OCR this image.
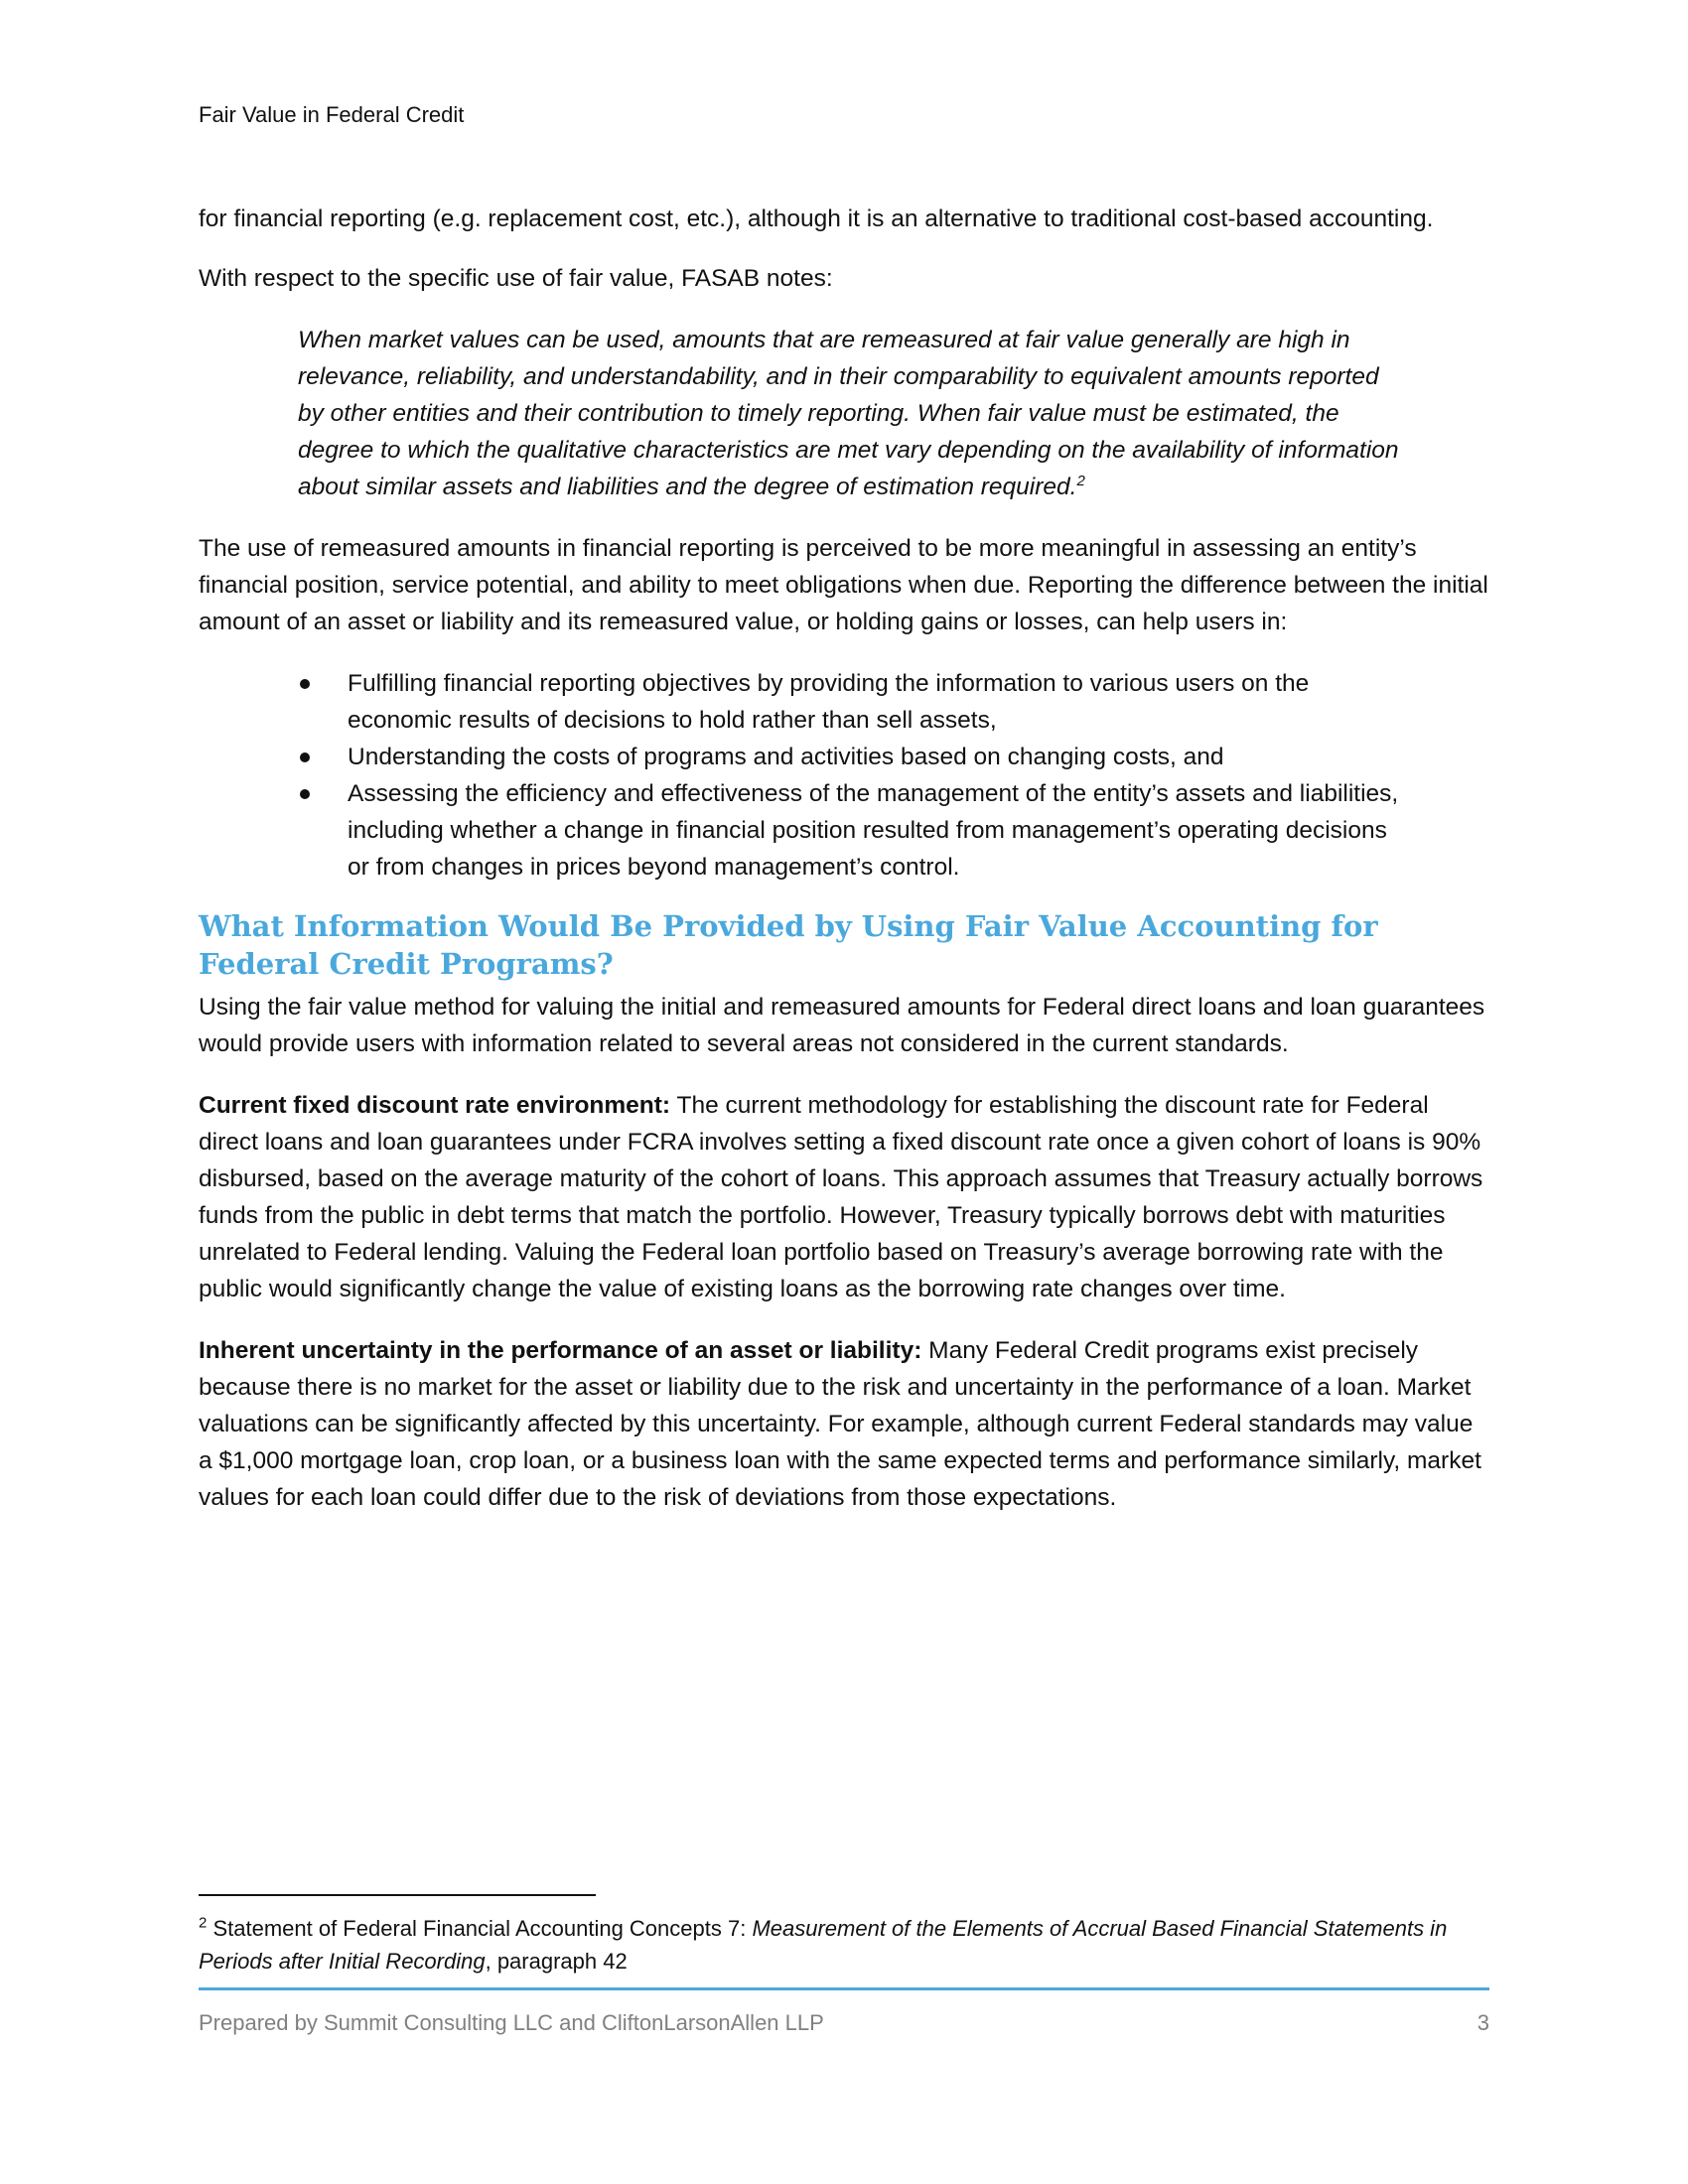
Fair Value in Federal Credit

for financial reporting (e.g. replacement cost, etc.), although it is an alternative to traditional cost-based accounting.

With respect to the specific use of fair value, FASAB notes:

When market values can be used, amounts that are remeasured at fair value generally are high in relevance, reliability, and understandability, and in their comparability to equivalent amounts reported by other entities and their contribution to timely reporting. When fair value must be estimated, the degree to which the qualitative characteristics are met vary depending on the availability of information about similar assets and liabilities and the degree of estimation required.$^2$

The use of remeasured amounts in financial reporting is perceived to be more meaningful in assessing an entity’s financial position, service potential, and ability to meet obligations when due. Reporting the difference between the initial amount of an asset or liability and its remeasured value, or holding gains or losses, can help users in:

Fulfilling financial reporting objectives by providing the information to various users on the economic results of decisions to hold rather than sell assets,
Understanding the costs of programs and activities based on changing costs, and
Assessing the efficiency and effectiveness of the management of the entity’s assets and liabilities, including whether a change in financial position resulted from management’s operating decisions or from changes in prices beyond management’s control.
What Information Would Be Provided by Using Fair Value Accounting for Federal Credit Programs?

Using the fair value method for valuing the initial and remeasured amounts for Federal direct loans and loan guarantees would provide users with information related to several areas not considered in the current standards.

Current fixed discount rate environment: The current methodology for establishing the discount rate for Federal direct loans and loan guarantees under FCRA involves setting a fixed discount rate once a given cohort of loans is 90% disbursed, based on the average maturity of the cohort of loans. This approach assumes that Treasury actually borrows funds from the public in debt terms that match the portfolio. However, Treasury typically borrows debt with maturities unrelated to Federal lending. Valuing the Federal loan portfolio based on Treasury’s average borrowing rate with the public would significantly change the value of existing loans as the borrowing rate changes over time.

Inherent uncertainty in the performance of an asset or liability: Many Federal Credit programs exist precisely because there is no market for the asset or liability due to the risk and uncertainty in the performance of a loan. Market valuations can be significantly affected by this uncertainty. For example, although current Federal standards may value a $1,000 mortgage loan, crop loan, or a business loan with the same expected terms and performance similarly, market values for each loan could differ due to the risk of deviations from those expectations.

$^2$ Statement of Federal Financial Accounting Concepts 7: Measurement of the Elements of Accrual Based Financial Statements in Periods after Initial Recording, paragraph 42
Prepared by Summit Consulting LLC and CliftonLarsonAllen LLP	3
